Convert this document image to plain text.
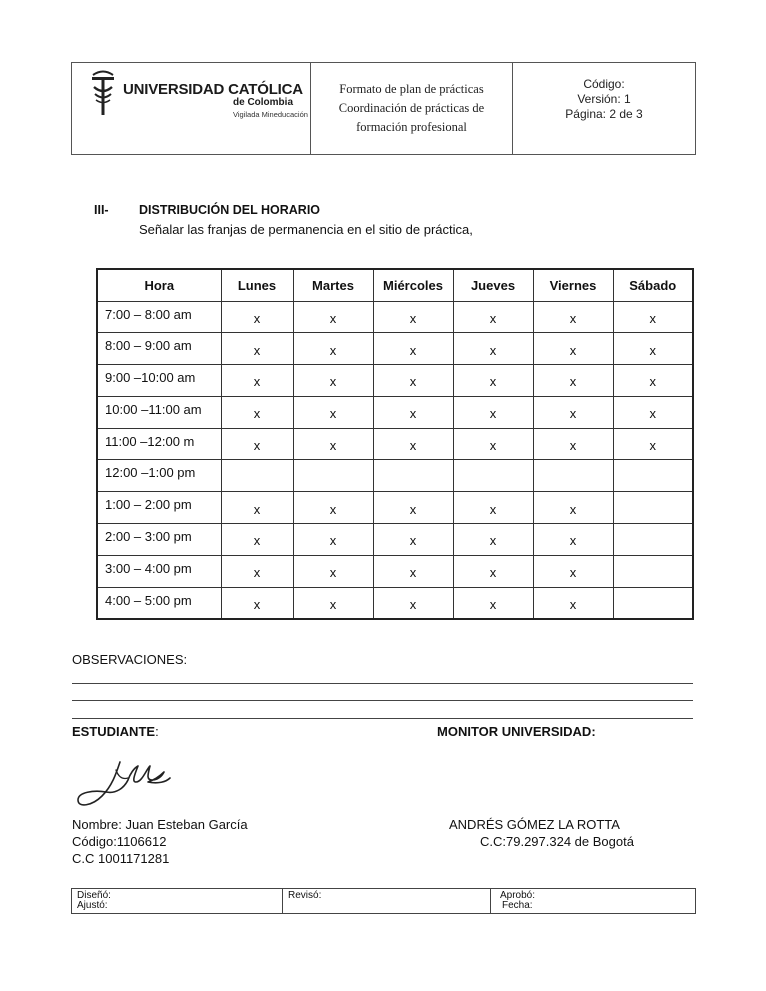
UNIVERSIDAD CATÓLICA
de Colombia
Vigilada Mineducación
Formato de plan de prácticas
Coordinación de prácticas de
formación profesional
Código:
Versión: 1
Página: 2 de 3
III- DISTRIBUCIÓN DEL HORARIO
Señalar las franjas de permanencia en el sitio de práctica,
Hora	Lunes	Martes	Miércoles	Jueves	Viernes	Sábado
7:00 – 8:00 am	x	x	x	x	x	x
8:00 – 9:00 am	x	x	x	x	x	x
9:00 –10:00 am	x	x	x	x	x	x
10:00 –11:00 am	x	x	x	x	x	x
11:00 –12:00 m	x	x	x	x	x	x
12:00 –1:00 pm						
1:00 – 2:00 pm	x	x	x	x	x	
2:00 – 3:00 pm	x	x	x	x	x	
3:00 – 4:00 pm	x	x	x	x	x	
4:00 – 5:00 pm	x	x	x	x	x	
OBSERVACIONES:
ESTUDIANTE:	MONITOR UNIVERSIDAD:
Nombre: Juan Esteban García
Código:1106612
C.C 1001171281
ANDRÉS GÓMEZ LA ROTTA
C.C:79.297.324 de Bogotá
Diseñó:
Ajustó:
Revisó:	Aprobó:
Fecha:
